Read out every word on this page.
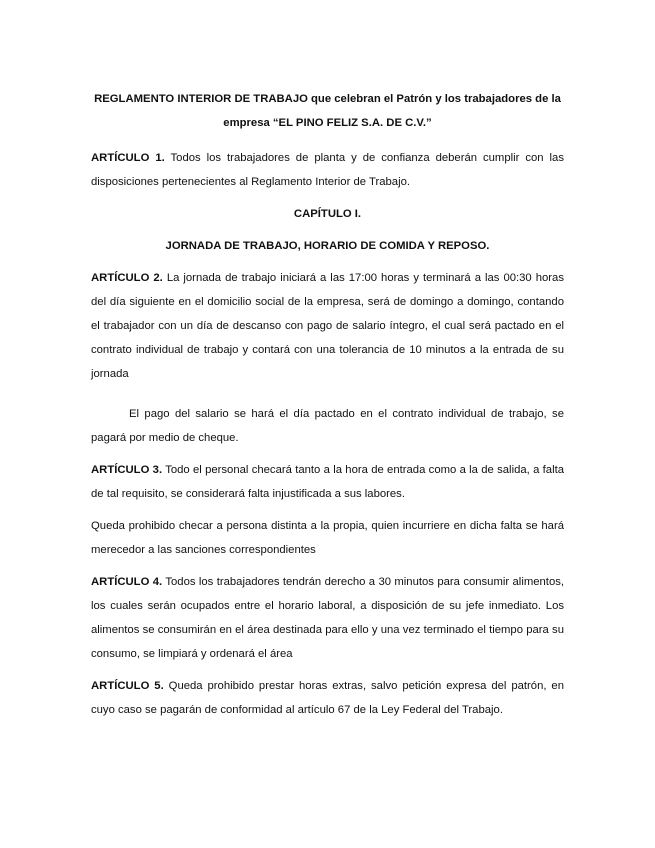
REGLAMENTO INTERIOR DE TRABAJO que celebran el Patrón y los trabajadores de la
empresa “EL PINO FELIZ S.A. DE C.V.”

ARTÍCULO 1. Todos los trabajadores de planta y de confianza deberán cumplir con las disposiciones pertenecientes al Reglamento Interior de Trabajo.

CAPÍTULO I.

JORNADA DE TRABAJO, HORARIO DE COMIDA Y REPOSO.

ARTÍCULO 2. La jornada de trabajo iniciará a las 17:00 horas y terminará a las 00:30 horas del día siguiente en el domicilio social de la empresa, será de domingo a domingo, contando el trabajador con un día de descanso con pago de salario íntegro, el cual será pactado en el contrato individual de trabajo y contará con una tolerancia de 10 minutos a la entrada de su jornada

El pago del salario se hará el día pactado en el contrato individual de trabajo, se pagará por medio de cheque.

ARTÍCULO 3. Todo el personal checará tanto a la hora de entrada como a la de salida, a falta de tal requisito, se considerará falta injustificada a sus labores.

Queda prohibido checar a persona distinta a la propia, quien incurriere en dicha falta se hará merecedor a las sanciones correspondientes

ARTÍCULO 4. Todos los trabajadores tendrán derecho a 30 minutos para consumir alimentos, los cuales serán ocupados entre el horario laboral, a disposición de su jefe inmediato. Los alimentos se consumirán en el área destinada para ello y una vez terminado el tiempo para su consumo, se limpiará y ordenará el área

ARTÍCULO 5. Queda prohibido prestar horas extras, salvo petición expresa del patrón, en cuyo caso se pagarán de conformidad al artículo 67 de la Ley Federal del Trabajo.
